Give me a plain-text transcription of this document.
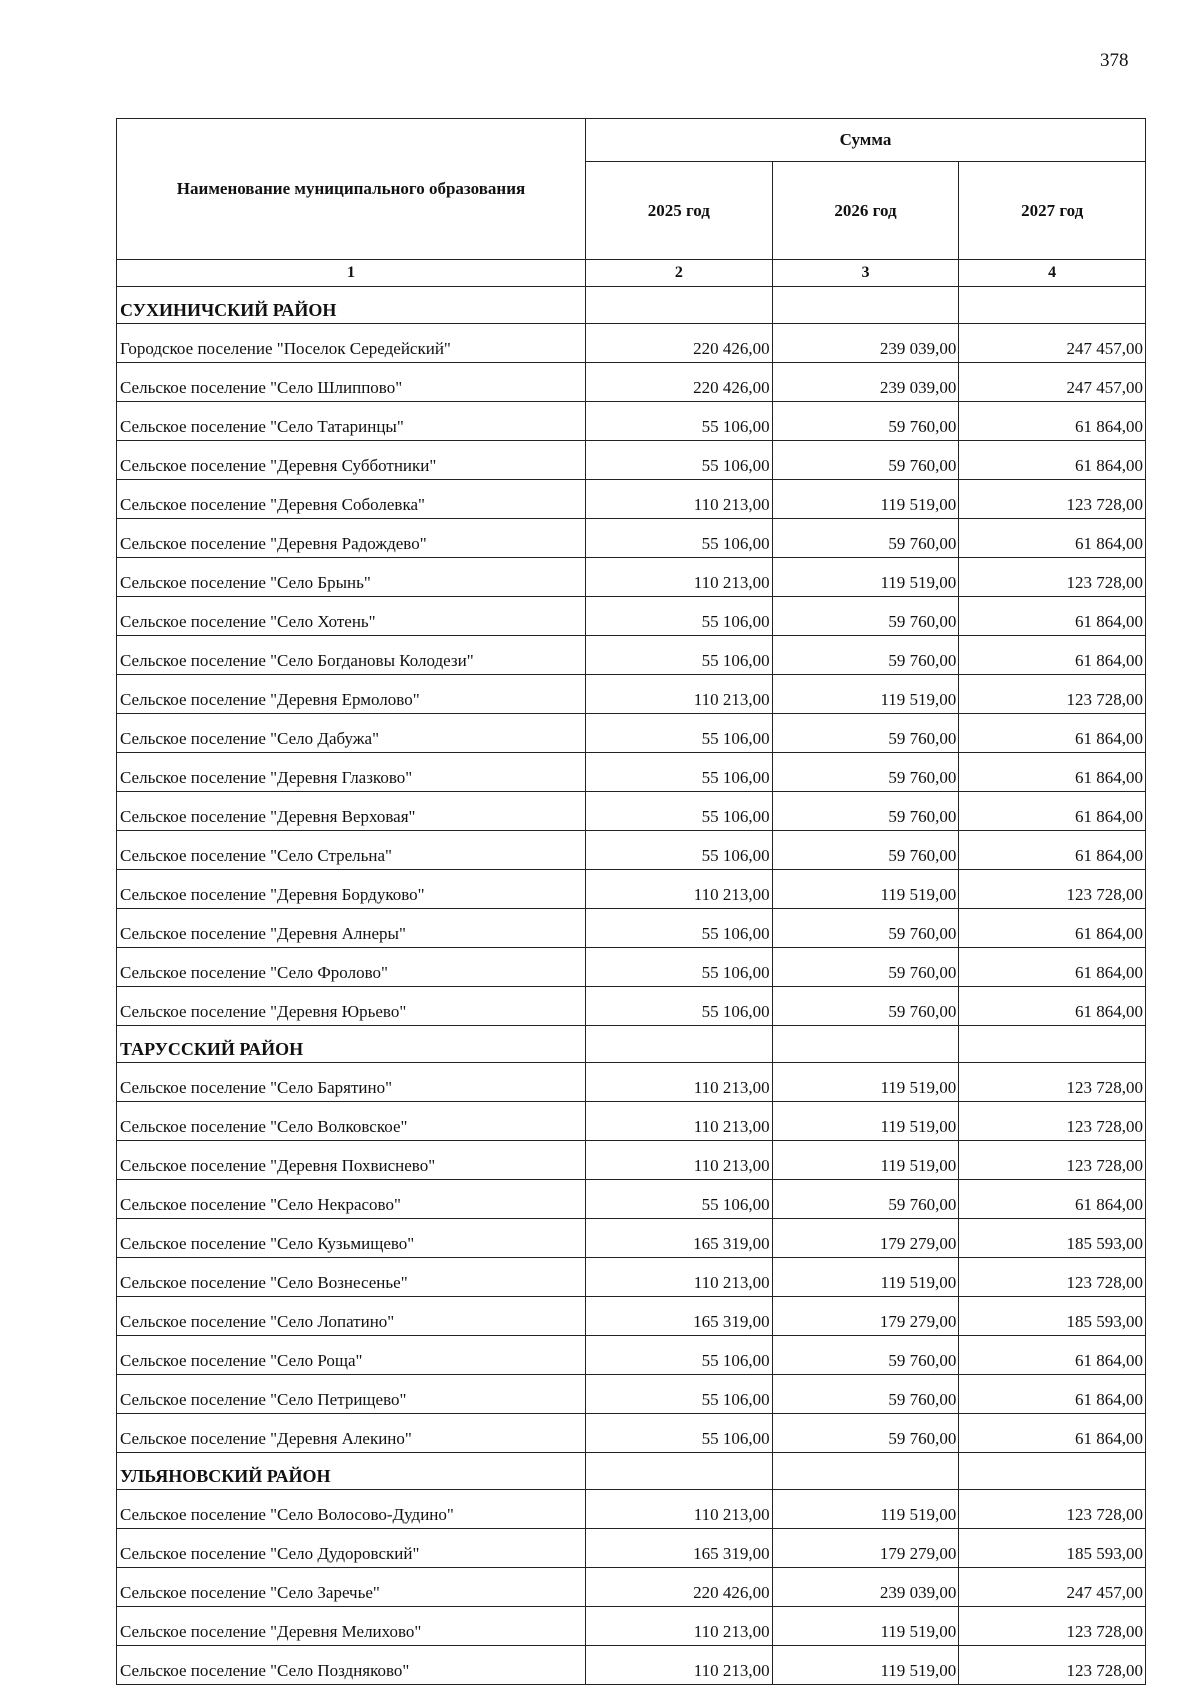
378
Наименование муниципального образования	Сумма		
	2025 год	2026 год	2027 год
1	2	3	4
СУХИНИЧСКИЙ РАЙОН			
Городское поселение "Поселок Середейский"	220 426,00	239 039,00	247 457,00
Сельское поселение "Село Шлиппово"	220 426,00	239 039,00	247 457,00
Сельское поселение "Село Татаринцы"	55 106,00	59 760,00	61 864,00
Сельское поселение "Деревня Субботники"	55 106,00	59 760,00	61 864,00
Сельское поселение "Деревня Соболевка"	110 213,00	119 519,00	123 728,00
Сельское поселение "Деревня Радождево"	55 106,00	59 760,00	61 864,00
Сельское поселение "Село Брынь"	110 213,00	119 519,00	123 728,00
Сельское поселение "Село Хотень"	55 106,00	59 760,00	61 864,00
Сельское поселение "Село Богдановы Колодези"	55 106,00	59 760,00	61 864,00
Сельское поселение "Деревня Ермолово"	110 213,00	119 519,00	123 728,00
Сельское поселение "Село Дабужа"	55 106,00	59 760,00	61 864,00
Сельское поселение "Деревня Глазково"	55 106,00	59 760,00	61 864,00
Сельское поселение "Деревня Верховая"	55 106,00	59 760,00	61 864,00
Сельское поселение "Село Стрельна"	55 106,00	59 760,00	61 864,00
Сельское поселение "Деревня Бордуково"	110 213,00	119 519,00	123 728,00
Сельское поселение "Деревня Алнеры"	55 106,00	59 760,00	61 864,00
Сельское поселение "Село Фролово"	55 106,00	59 760,00	61 864,00
Сельское поселение "Деревня Юрьево"	55 106,00	59 760,00	61 864,00
ТАРУССКИЙ РАЙОН			
Сельское поселение "Село Барятино"	110 213,00	119 519,00	123 728,00
Сельское поселение "Село Волковское"	110 213,00	119 519,00	123 728,00
Сельское поселение "Деревня Похвиснево"	110 213,00	119 519,00	123 728,00
Сельское поселение "Село Некрасово"	55 106,00	59 760,00	61 864,00
Сельское поселение "Село Кузьмищево"	165 319,00	179 279,00	185 593,00
Сельское поселение "Село Вознесенье"	110 213,00	119 519,00	123 728,00
Сельское поселение "Село Лопатино"	165 319,00	179 279,00	185 593,00
Сельское поселение "Село Роща"	55 106,00	59 760,00	61 864,00
Сельское поселение "Село Петрищево"	55 106,00	59 760,00	61 864,00
Сельское поселение "Деревня Алекино"	55 106,00	59 760,00	61 864,00
УЛЬЯНОВСКИЙ РАЙОН			
Сельское поселение "Село Волосово-Дудино"	110 213,00	119 519,00	123 728,00
Сельское поселение "Село Дудоровский"	165 319,00	179 279,00	185 593,00
Сельское поселение "Село Заречье"	220 426,00	239 039,00	247 457,00
Сельское поселение "Деревня Мелихово"	110 213,00	119 519,00	123 728,00
Сельское поселение "Село Поздняково"	110 213,00	119 519,00	123 728,00
